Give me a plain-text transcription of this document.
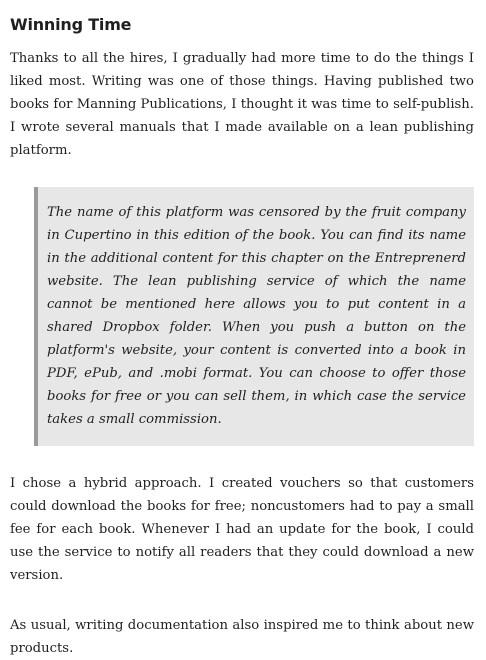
Winning Time

Thanks to all the hires, I gradually had more time to do the things I liked most. Writing was one of those things. Having published two books for Manning Publications, I thought it was time to self-publish. I wrote several manuals that I made available on a lean publishing platform.

The name of this platform was censored by the fruit company in Cupertino in this edition of the book. You can find its name in the additional content for this chapter on the Entreprenerd website. The lean publishing service of which the name cannot be mentioned here allows you to put content in a shared Dropbox folder. When you push a button on the platform's website, your content is converted into a book in PDF, ePub, and .mobi format. You can choose to offer those books for free or you can sell them, in which case the service takes a small commission.

I chose a hybrid approach. I created vouchers so that customers could download the books for free; noncustomers had to pay a small fee for each book. Whenever I had an update for the book, I could use the service to notify all readers that they could download a new version.

As usual, writing documentation also inspired me to think about new products.
